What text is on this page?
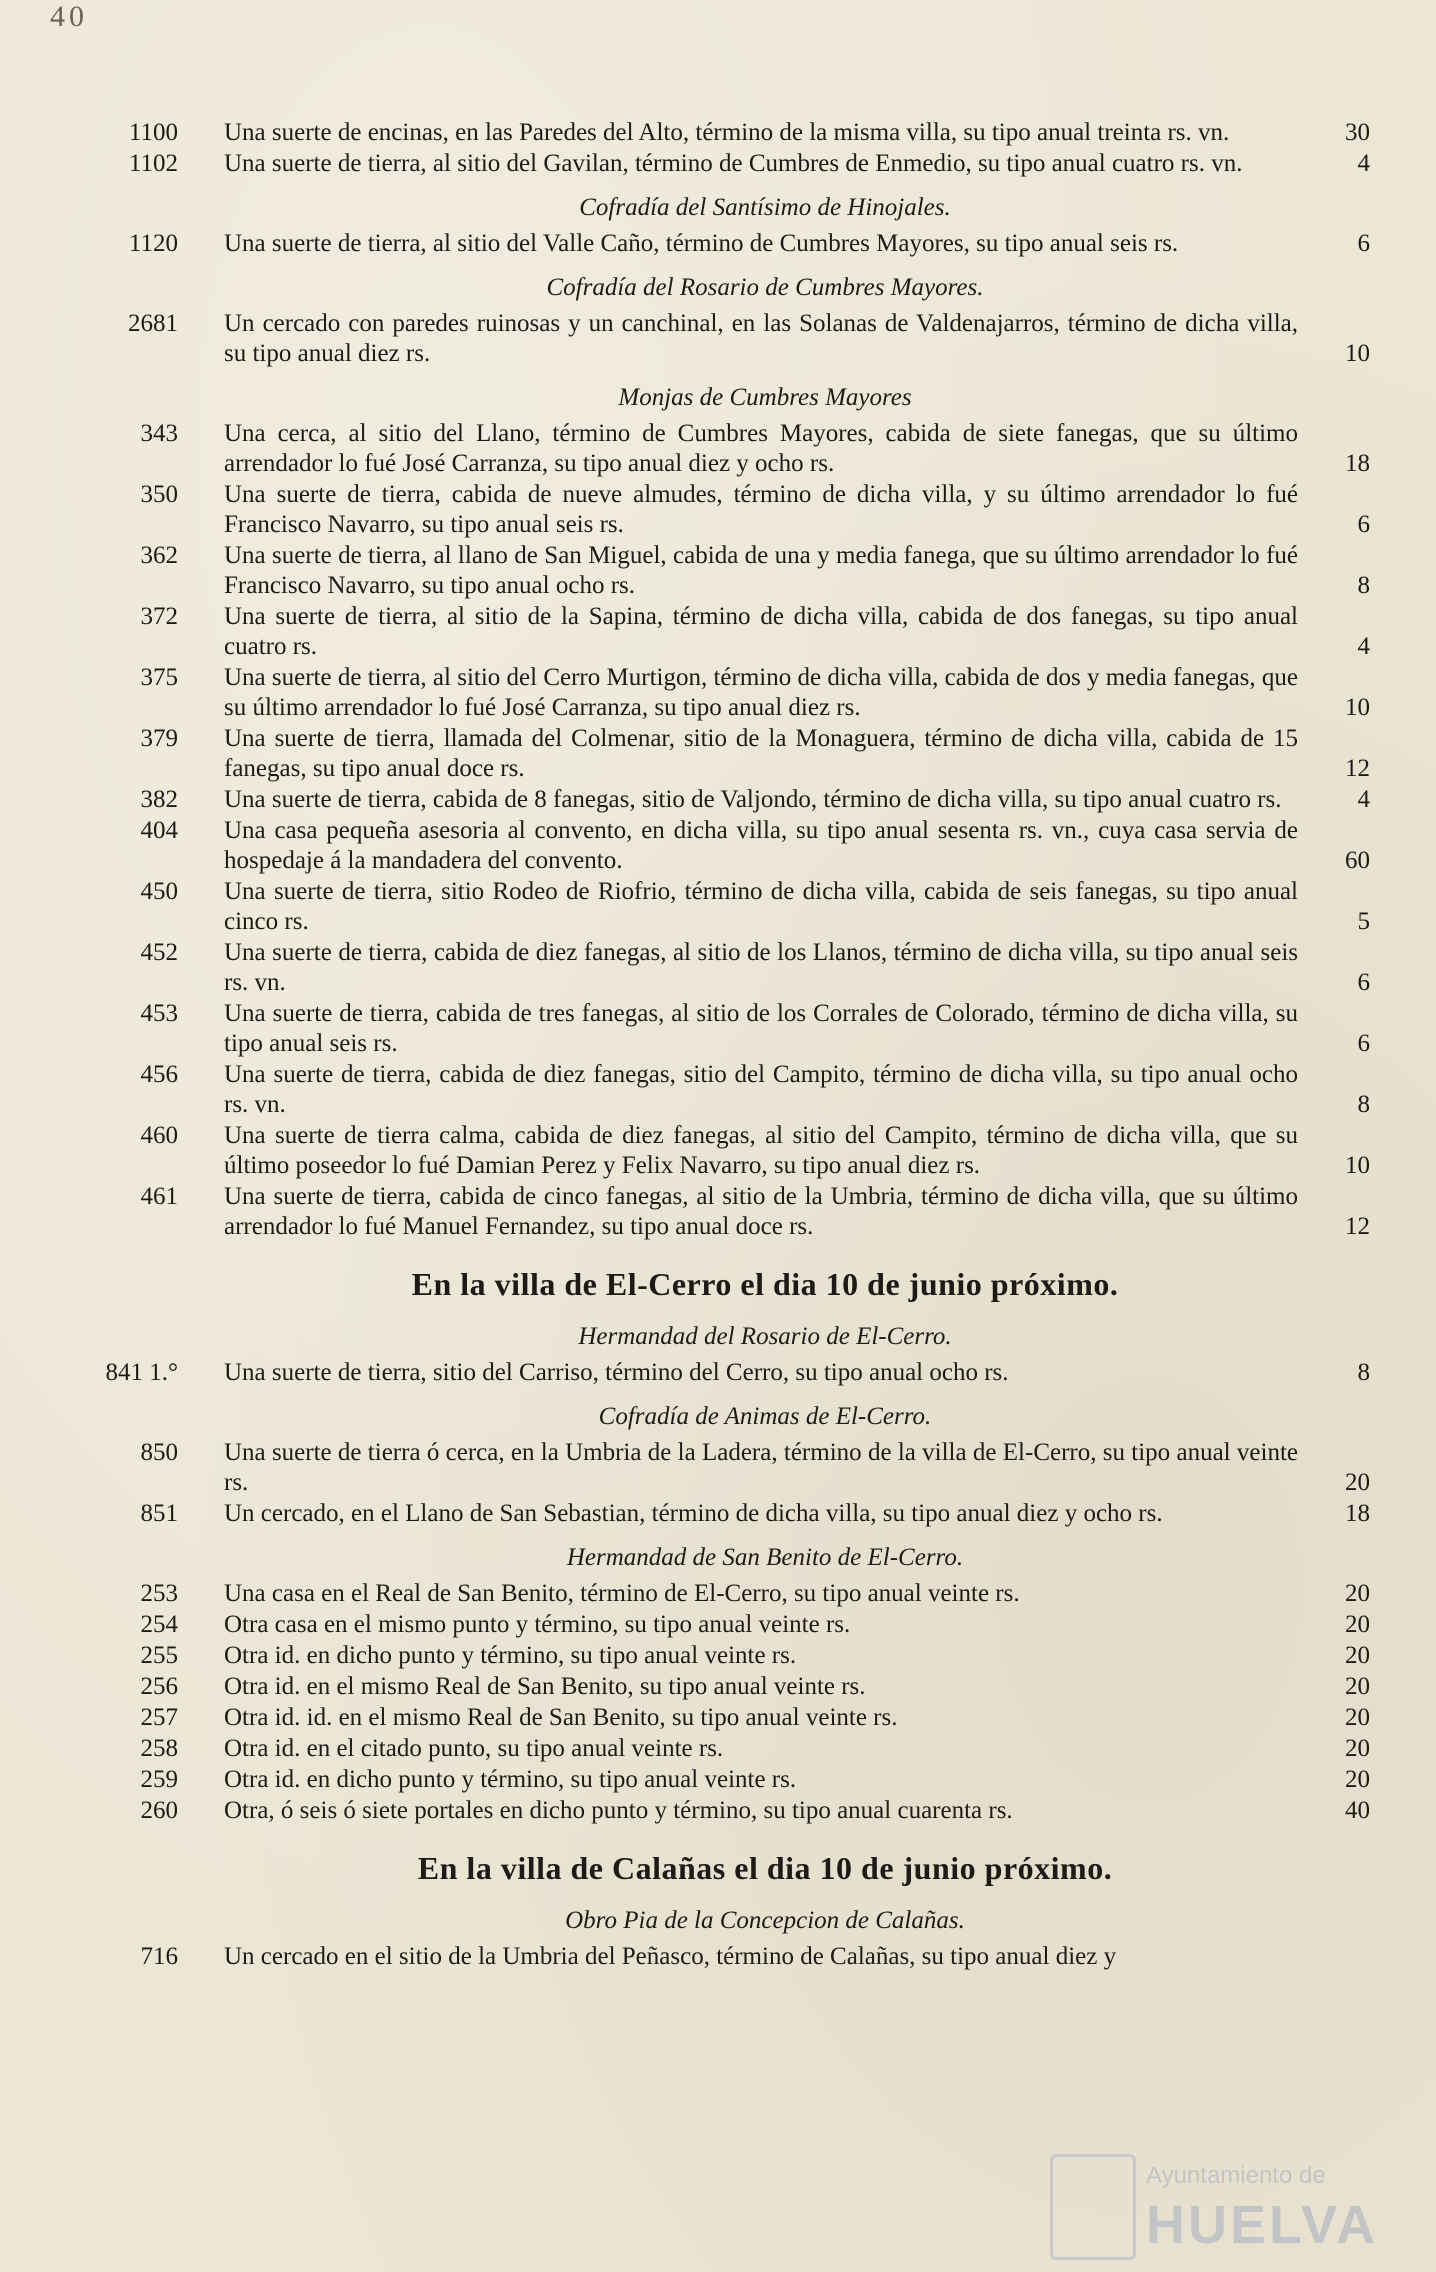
40
1100 Una suerte de encinas, en las Paredes del Alto, término de la misma villa, su tipo anual treinta rs. vn.	30
1102 Una suerte de tierra, al sitio del Gavilan, término de Cumbres de Enmedio, su tipo anual cuatro rs. vn.	4
Cofradía del Santísimo de Hinojales.
1120 Una suerte de tierra, al sitio del Valle Caño, término de Cumbres Mayores, su tipo anual seis rs.	6
Cofradía del Rosario de Cumbres Mayores.
2681 Un cercado con paredes ruinosas y un canchinal, en las Solanas de Valdenajarros, término de dicha villa, su tipo anual diez rs.	10
Monjas de Cumbres Mayores
343 Una cerca, al sitio del Llano, término de Cumbres Mayores, cabida de siete fanegas, que su último arrendador lo fué José Carranza, su tipo anual diez y ocho rs.	18
350 Una suerte de tierra, cabida de nueve almudes, término de dicha villa, y su último arrendador lo fué Francisco Navarro, su tipo anual seis rs.	6
362 Una suerte de tierra, al llano de San Miguel, cabida de una y media fanega, que su último arrendador lo fué Francisco Navarro, su tipo anual ocho rs.	8
372 Una suerte de tierra, al sitio de la Sapina, término de dicha villa, cabida de dos fanegas, su tipo anual cuatro rs.	4
375 Una suerte de tierra, al sitio del Cerro Murtigon, término de dicha villa, cabida de dos y media fanegas, que su último arrendador lo fué José Carranza, su tipo anual diez rs.	10
379 Una suerte de tierra, llamada del Colmenar, sitio de la Monaguera, término de dicha villa, cabida de 15 fanegas, su tipo anual doce rs.	12
382 Una suerte de tierra, cabida de 8 fanegas, sitio de Valjondo, término de dicha villa, su tipo anual cuatro rs.	4
404 Una casa pequeña asesoria al convento, en dicha villa, su tipo anual sesenta rs. vn., cuya casa servia de hospedaje á la mandadera del convento.	60
450 Una suerte de tierra, sitio Rodeo de Riofrio, término de dicha villa, cabida de seis fanegas, su tipo anual cinco rs.	5
452 Una suerte de tierra, cabida de diez fanegas, al sitio de los Llanos, término de dicha villa, su tipo anual seis rs. vn.	6
453 Una suerte de tierra, cabida de tres fanegas, al sitio de los Corrales de Colorado, término de dicha villa, su tipo anual seis rs.	6
456 Una suerte de tierra, cabida de diez fanegas, sitio del Campito, término de dicha villa, su tipo anual ocho rs. vn.	8
460 Una suerte de tierra calma, cabida de diez fanegas, al sitio del Campito, término de dicha villa, que su último poseedor lo fué Damian Perez y Felix Navarro, su tipo anual diez rs.	10
461 Una suerte de tierra, cabida de cinco fanegas, al sitio de la Umbria, término de dicha villa, que su último arrendador lo fué Manuel Fernandez, su tipo anual doce rs.	12
En la villa de El-Cerro el dia 10 de junio próximo.
Hermandad del Rosario de El-Cerro.
841 1.° Una suerte de tierra, sitio del Carriso, término del Cerro, su tipo anual ocho rs.	8
Cofradía de Animas de El-Cerro.
850 Una suerte de tierra ó cerca, en la Umbria de la Ladera, término de la villa de El-Cerro, su tipo anual veinte rs.	20
851 Un cercado, en el Llano de San Sebastian, término de dicha villa, su tipo anual diez y ocho rs.	18
Hermandad de San Benito de El-Cerro.
253 Una casa en el Real de San Benito, término de El-Cerro, su tipo anual veinte rs.	20
254 Otra casa en el mismo punto y término, su tipo anual veinte rs.	20
255 Otra id. en dicho punto y término, su tipo anual veinte rs.	20
256 Otra id. en el mismo Real de San Benito, su tipo anual veinte rs.	20
257 Otra id. id. en el mismo Real de San Benito, su tipo anual veinte rs.	20
258 Otra id. en el citado punto, su tipo anual veinte rs.	20
259 Otra id. en dicho punto y término, su tipo anual veinte rs.	20
260 Otra, ó seis ó siete portales en dicho punto y término, su tipo anual cuarenta rs.	40
En la villa de Calañas el dia 10 de junio próximo.
Obro Pia de la Concepcion de Calañas.
716 Un cercado en el sitio de la Umbria del Peñasco, término de Calañas, su tipo anual diez y
Ayuntamiento de
HUELVA
